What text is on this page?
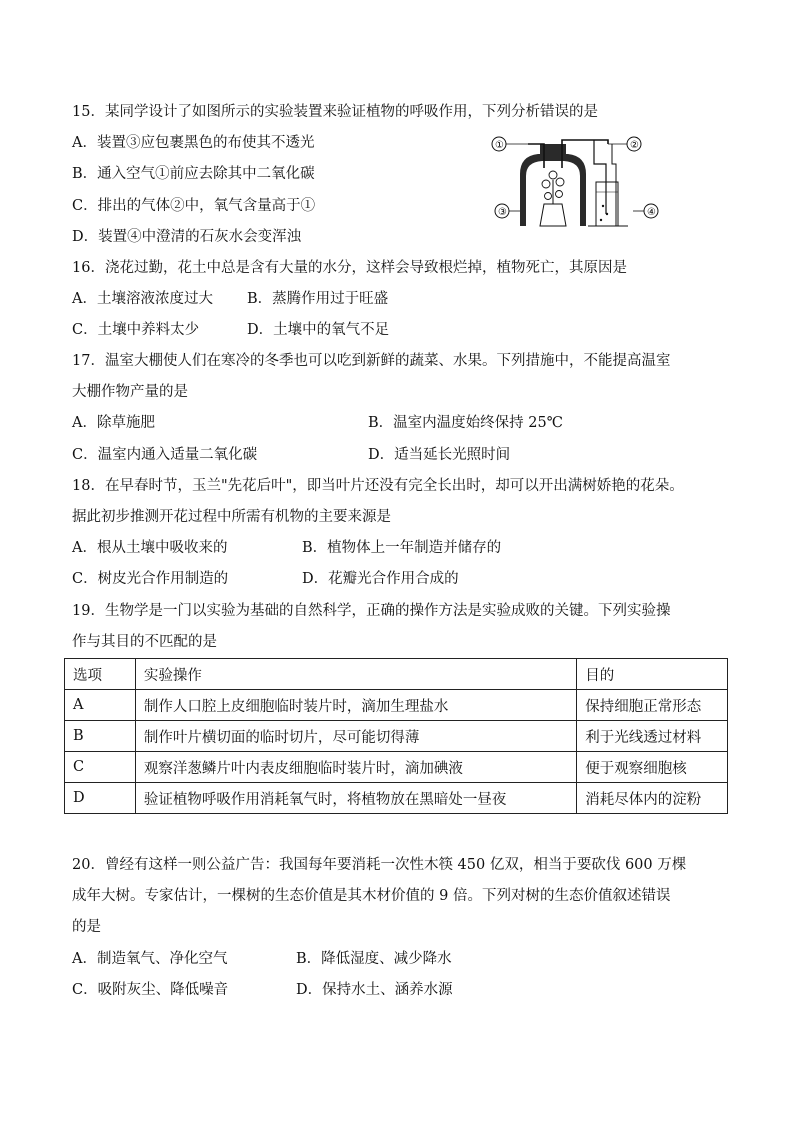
15．某同学设计了如图所示的实验装置来验证植物的呼吸作用，下列分析错误的是
A．装置③应包裹黑色的布使其不透光
B．通入空气①前应去除其中二氧化碳
C．排出的气体②中，氧气含量高于①
D．装置④中澄清的石灰水会变浑浊
①	②
③	④
16．浇花过勤，花土中总是含有大量的水分，这样会导致根烂掉，植物死亡，其原因是
A．土壤溶液浓度过大 B．蒸腾作用过于旺盛
C．土壤中养料太少	D．土壤中的氧气不足
17．温室大棚使人们在寒冷的冬季也可以吃到新鲜的蔬菜、水果。下列措施中，不能提高温室
大棚作物产量的是
A．除草施肥	B．温室内温度始终保持 25℃
C．温室内通入适量二氧化碳	D．适当延长光照时间
18．在早春时节，玉兰"先花后叶"，即当叶片还没有完全长出时，却可以开出满树娇艳的花朵。
据此初步推测开花过程中所需有机物的主要来源是
A．根从土壤中吸收来的	B．植物体上一年制造并储存的
C．树皮光合作用制造的	D．花瓣光合作用合成的
19．生物学是一门以实验为基础的自然科学，正确的操作方法是实验成败的关键。下列实验操
作与其目的不匹配的是
选项	实验操作	目的
A	制作人口腔上皮细胞临时装片时，滴加生理盐水	保持细胞正常形态
B	制作叶片横切面的临时切片，尽可能切得薄	利于光线透过材料
C	观察洋葱鳞片叶内表皮细胞临时装片时，滴加碘液	便于观察细胞核
D	验证植物呼吸作用消耗氧气时，将植物放在黑暗处一昼夜	消耗尽体内的淀粉
20．曾经有这样一则公益广告：我国每年要消耗一次性木筷 450 亿双，相当于要砍伐 600 万棵
成年大树。专家估计，一棵树的生态价值是其木材价值的 9 倍。下列对树的生态价值叙述错误
的是
A．制造氧气、净化空气	B．降低湿度、减少降水
C．吸附灰尘、降低噪音	D．保持水土、涵养水源
